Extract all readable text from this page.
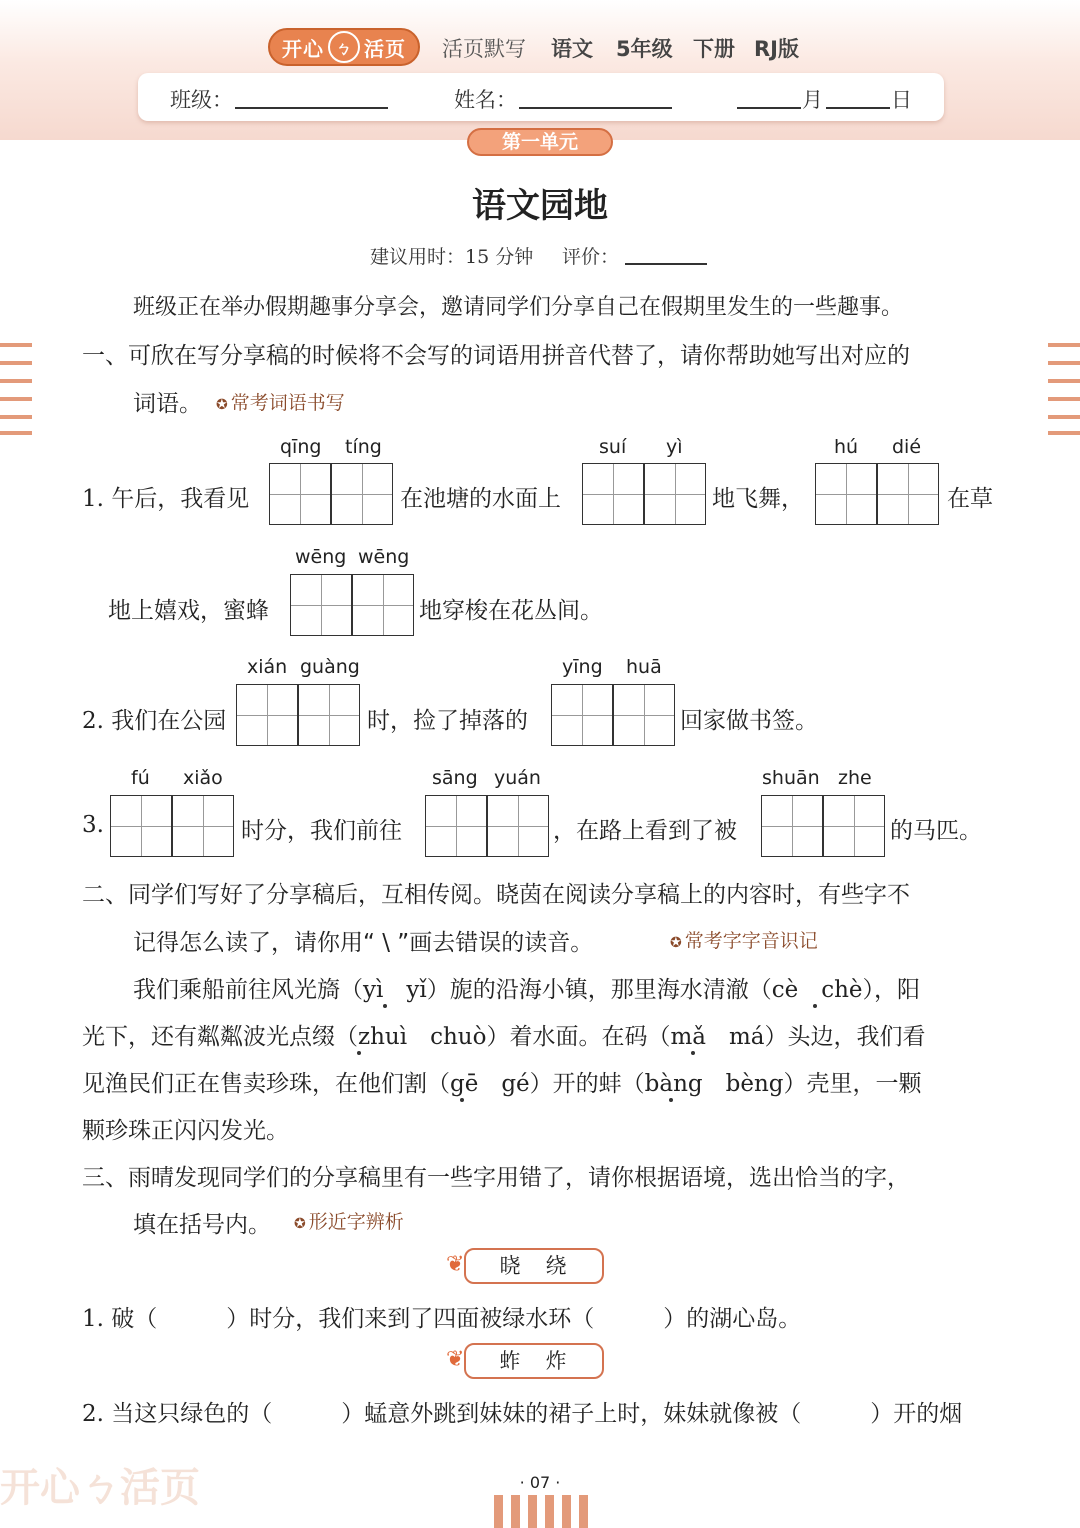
开心 ㄅ 活页 活页默写 语文 5年级 下册 RJ版
班级：	姓名：	月	日
第一单元
语文园地
建议用时：15 分钟 评价：
班级正在举办假期趣事分享会，邀请同学们分享自己在假期里发生的一些趣事。
一、可欣在写分享稿的时候将不会写的词语用拼音代替了，请你帮助她写出对应的
词语。	✪ 常考词语书写
qīng tíng	suí yì	hú dié
1. 午后，我看见	在池塘的水面上	地飞舞，	在草
wēng wēng
地上嬉戏，蜜蜂	地穿梭在花丛间。
xián guàng	yīng huā
2. 我们在公园	时，捡了掉落的	回家做书签。
fú xiǎo	sāng yuán	shuān zhe
3.	时分，我们前往	，在路上看到了被	的马匹。
二、同学们写好了分享稿后，互相传阅。晓茵在阅读分享稿上的内容时，有些字不
记得怎么读了，请你用“ \ ”画去错误的读音。	✪ 常考字字音识记
我们乘船前往风光旖（yì　yǐ）旎的沿海小镇，那里海水清澈（cè　chè），阳
光下，还有粼粼波光点缀（zhuì　chuò）着水面。在码（mǎ　má）头边，我们看
见渔民们正在售卖珍珠，在他们割（gē　gé）开的蚌（bàng　bèng）壳里，一颗
颗珍珠正闪闪发光。
三、雨晴发现同学们的分享稿里有一些字用错了，请你根据语境，选出恰当的字，
填在括号内。	✪ 形近字辨析
❦	晓　绕
1. 破（　　　）时分，我们来到了四面被绿水环（　　　）的湖心岛。
❦	蚱　炸
2. 当这只绿色的（　　　）蜢意外跳到妹妹的裙子上时，妹妹就像被（　　　）开的烟
开心ㄅ活页	· 07 ·
